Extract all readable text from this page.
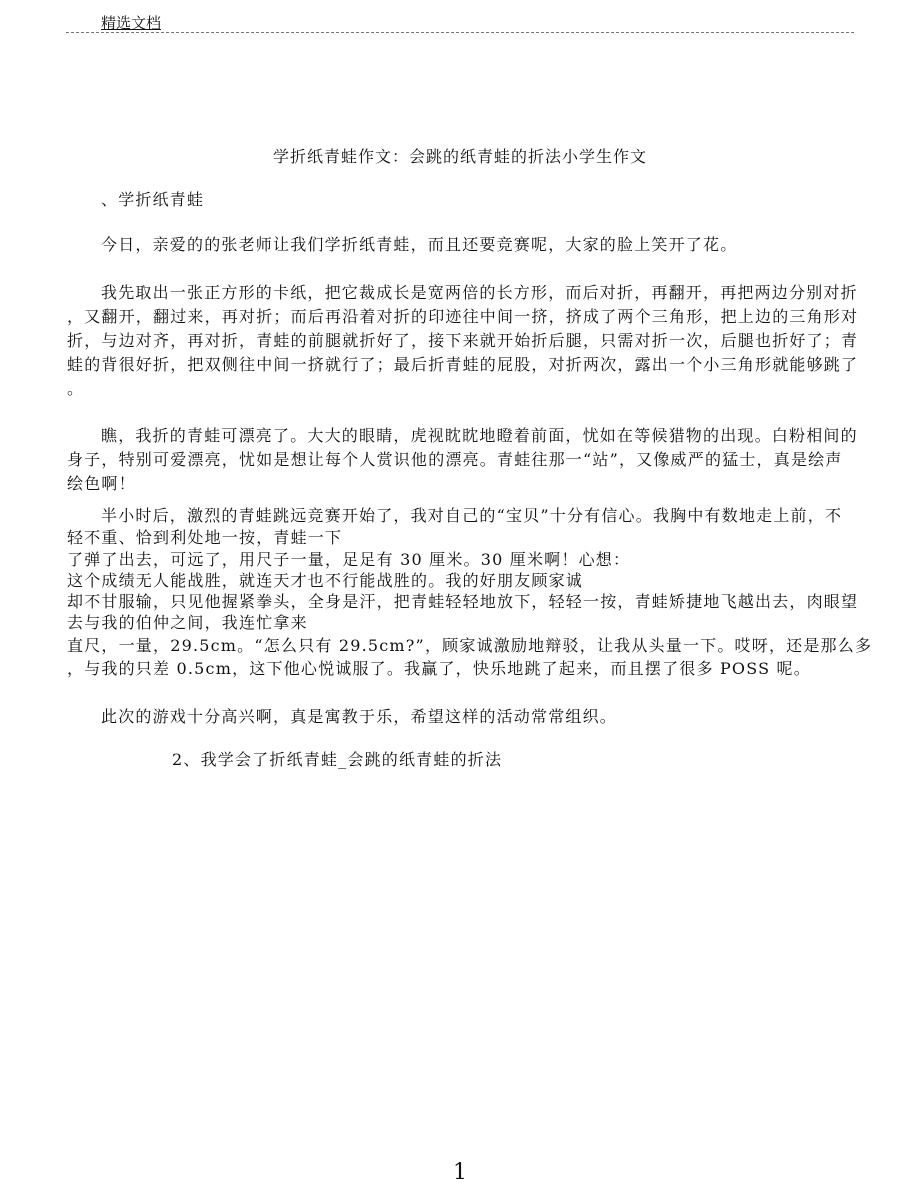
精选文档
学折纸青蛙作文：会跳的纸青蛙的折法小学生作文
、学折纸青蛙
今日，亲爱的的张老师让我们学折纸青蛙，而且还要竞赛呢，大家的脸上笑开了花。
我先取出一张正方形的卡纸，把它裁成长是宽两倍的长方形，而后对折，再翻开，再把两边分别对折
，又翻开，翻过来，再对折；而后再沿着对折的印迹往中间一挤，挤成了两个三角形，把上边的三角形对
折，与边对齐，再对折，青蛙的前腿就折好了，接下来就开始折后腿，只需对折一次，后腿也折好了；青
蛙的背很好折，把双侧往中间一挤就行了；最后折青蛙的屁股，对折两次，露出一个小三角形就能够跳了
。
瞧，我折的青蛙可漂亮了。大大的眼睛，虎视眈眈地瞪着前面，忧如在等候猎物的出现。白粉相间的
身子，特别可爱漂亮，忧如是想让每个人赏识他的漂亮。青蛙往那一“站”，又像威严的猛士，真是绘声
绘色啊！
半小时后，激烈的青蛙跳远竞赛开始了，我对自己的“宝贝”十分有信心。我胸中有数地走上前，不
轻不重、恰到利处地一按，青蛙一下
了弹了出去，可远了，用尺子一量，足足有 30 厘米。30 厘米啊！心想：
这个成绩无人能战胜，就连天才也不行能战胜的。我的好朋友顾家诚
却不甘服输，只见他握紧拳头，全身是汗，把青蛙轻轻地放下，轻轻一按，青蛙矫捷地飞越出去，肉眼望
去与我的伯仲之间，我连忙拿来
直尺，一量，29.5cm。“怎么只有 29.5cm?”，顾家诚激励地辩驳，让我从头量一下。哎呀，还是那么多
，与我的只差 0.5cm，这下他心悦诚服了。我赢了，快乐地跳了起来，而且摆了很多 POSS 呢。
此次的游戏十分高兴啊，真是寓教于乐，希望这样的活动常常组织。
2、我学会了折纸青蛙_会跳的纸青蛙的折法
1
